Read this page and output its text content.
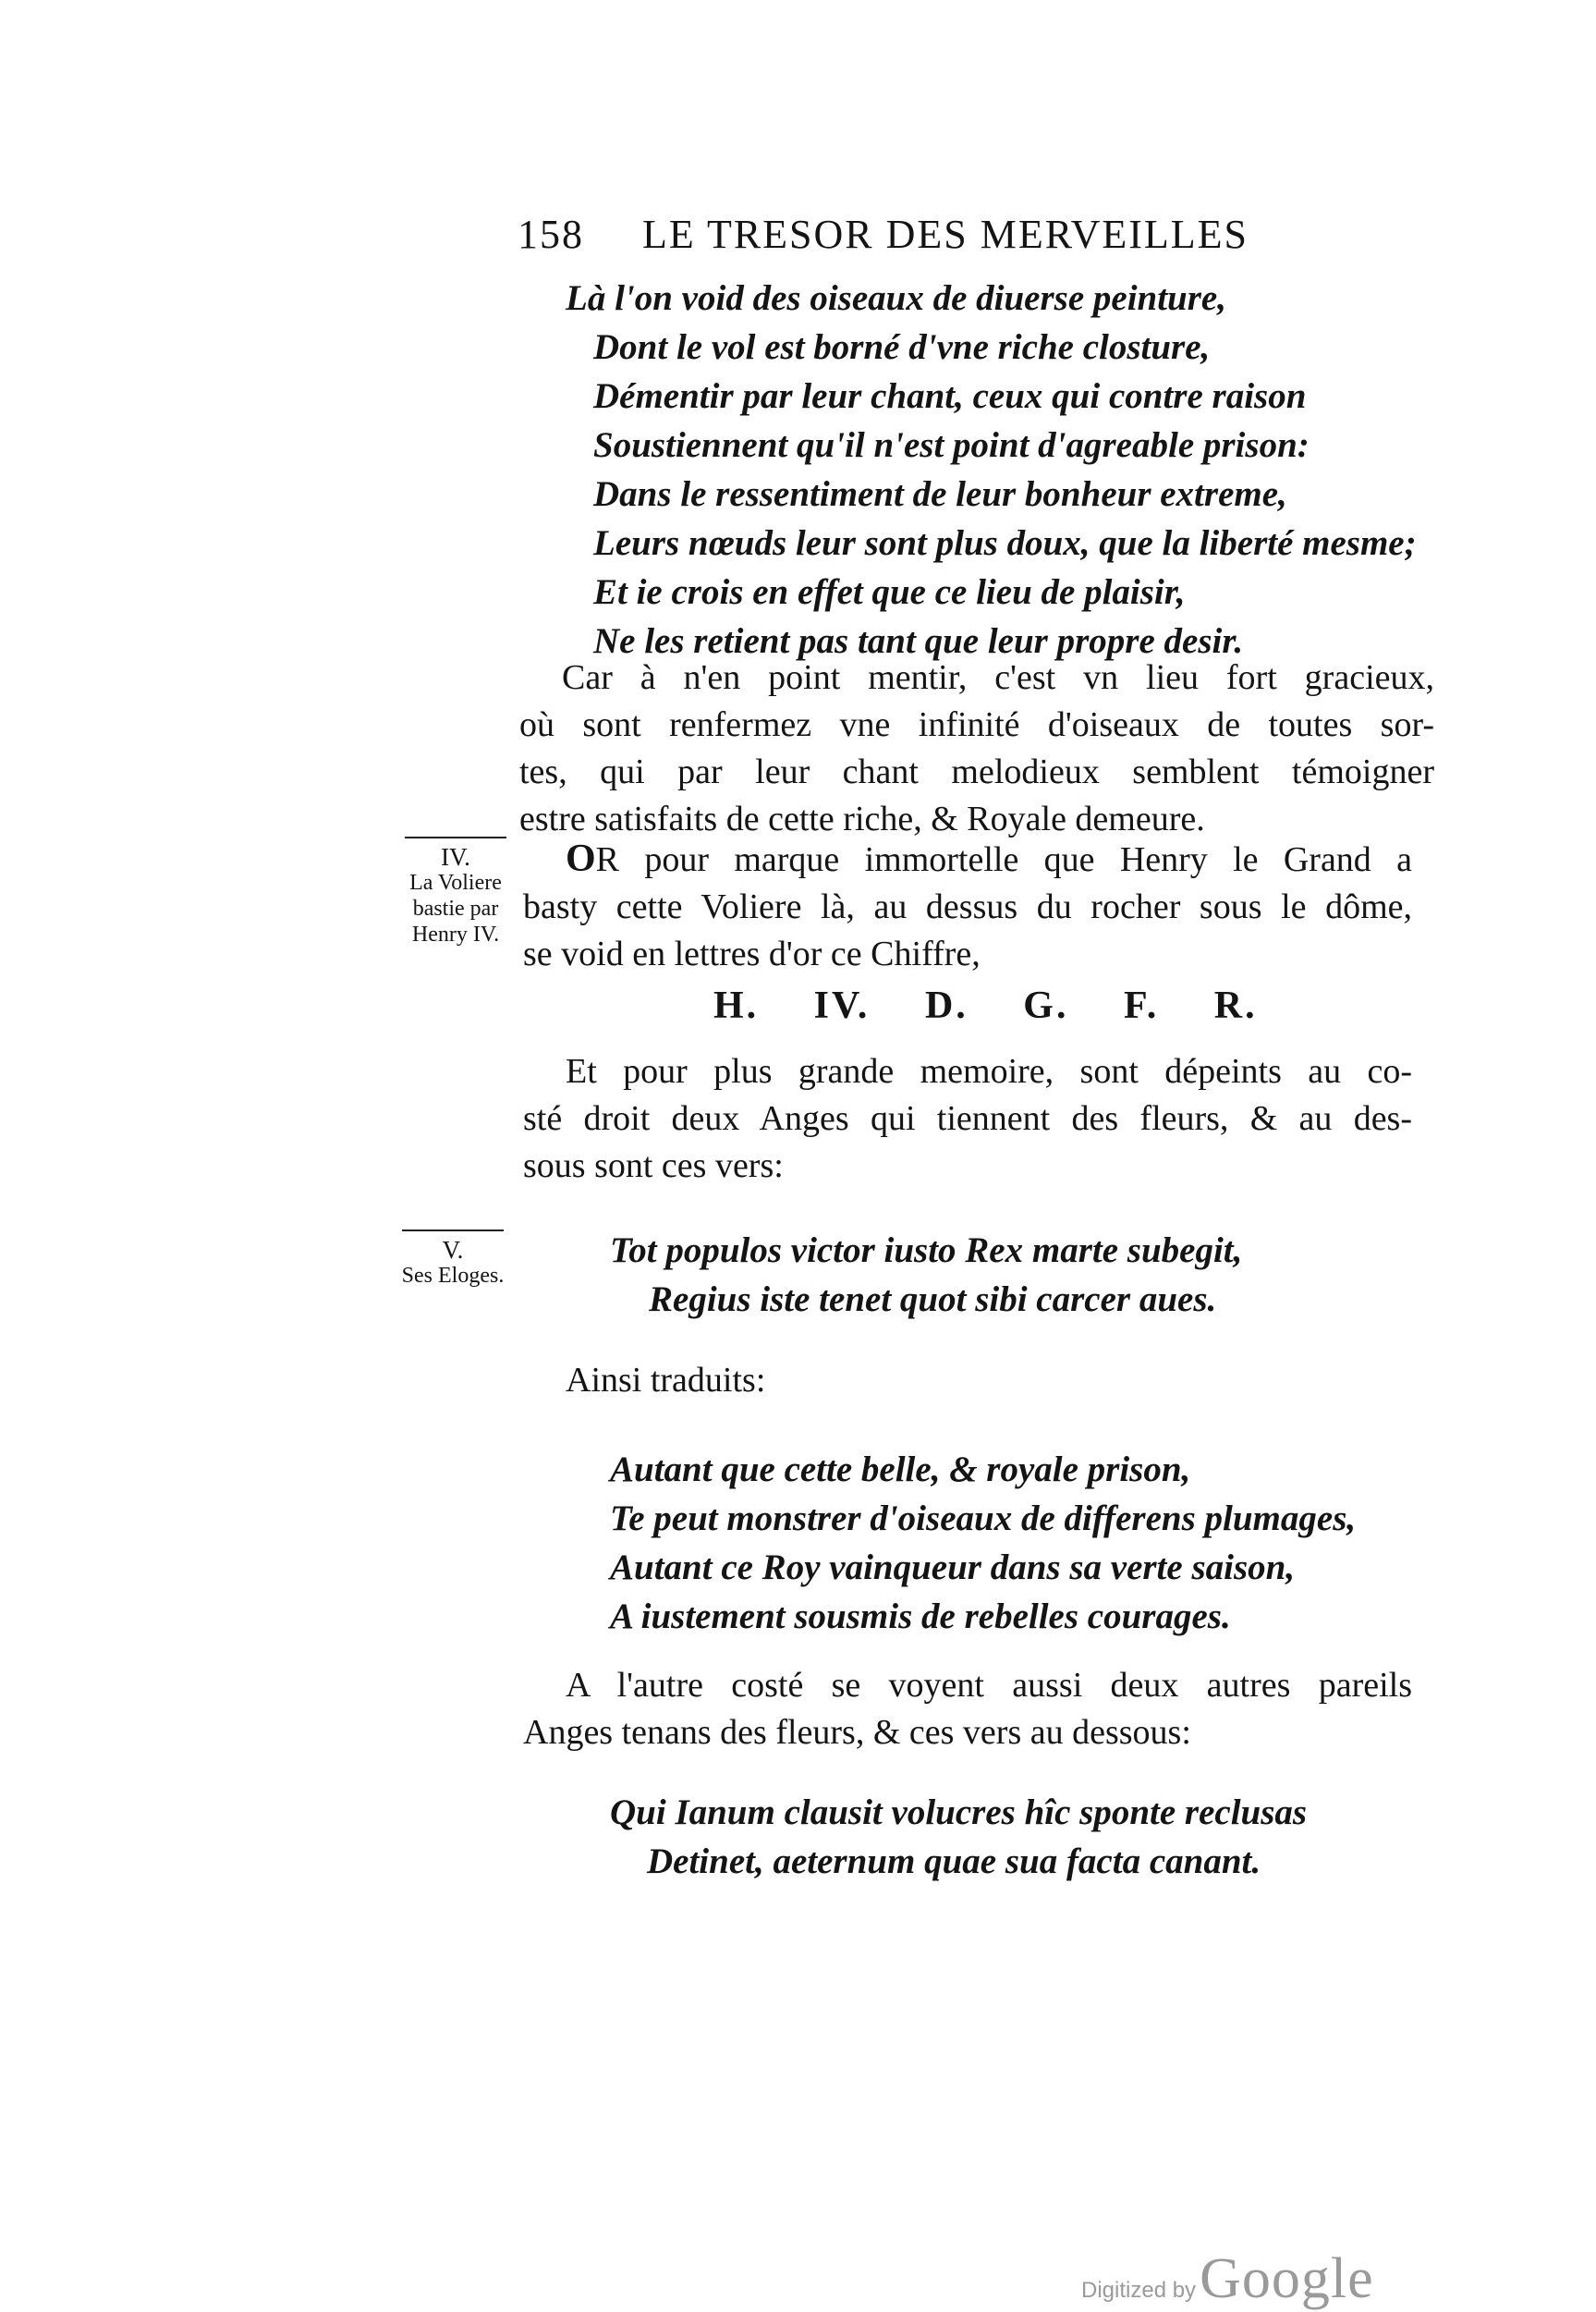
158 LE TRESOR DES MERVEILLES
Là l'on void des oiseaux de diuerse peinture,
Dont le vol est borné d'vne riche closture,
Démentir par leur chant, ceux qui contre raison
Soustiennent qu'il n'est point d'agreable prison:
Dans le ressentiment de leur bonheur extreme,
Leurs nœuds leur sont plus doux, que la liberté mesme;
Et ie crois en effet que ce lieu de plaisir,
Ne les retient pas tant que leur propre desir.
Car à n'en point mentir, c'est vn lieu fort gracieux,
où sont renfermez vne infinité d'oiseaux de toutes sor-
tes, qui par leur chant melodieux semblent témoigner
estre satisfaits de cette riche, & Royale demeure.
IV.
La Voliere
bastie par
Henry IV.
OR pour marque immortelle que Henry le Grand a
basty cette Voliere là, au dessus du rocher sous le dôme,
se void en lettres d'or ce Chiffre,
H. IV. D. G. F. R.
Et pour plus grande memoire, sont dépeints au co-
sté droit deux Anges qui tiennent des fleurs, & au des-
sous sont ces vers:
V.
Ses Eloges.
Tot populos victor iusto Rex marte subegit,
Regius iste tenet quot sibi carcer aues.
Ainsi traduits:
Autant que cette belle, & royale prison,
Te peut monstrer d'oiseaux de differens plumages,
Autant ce Roy vainqueur dans sa verte saison,
A iustement sousmis de rebelles courages.
A l'autre costé se voyent aussi deux autres pareils
Anges tenans des fleurs, & ces vers au dessous:
Qui Ianum clausit volucres hîc sponte reclusas
Detinet, aeternum quae sua facta canant.
Digitized by Google
